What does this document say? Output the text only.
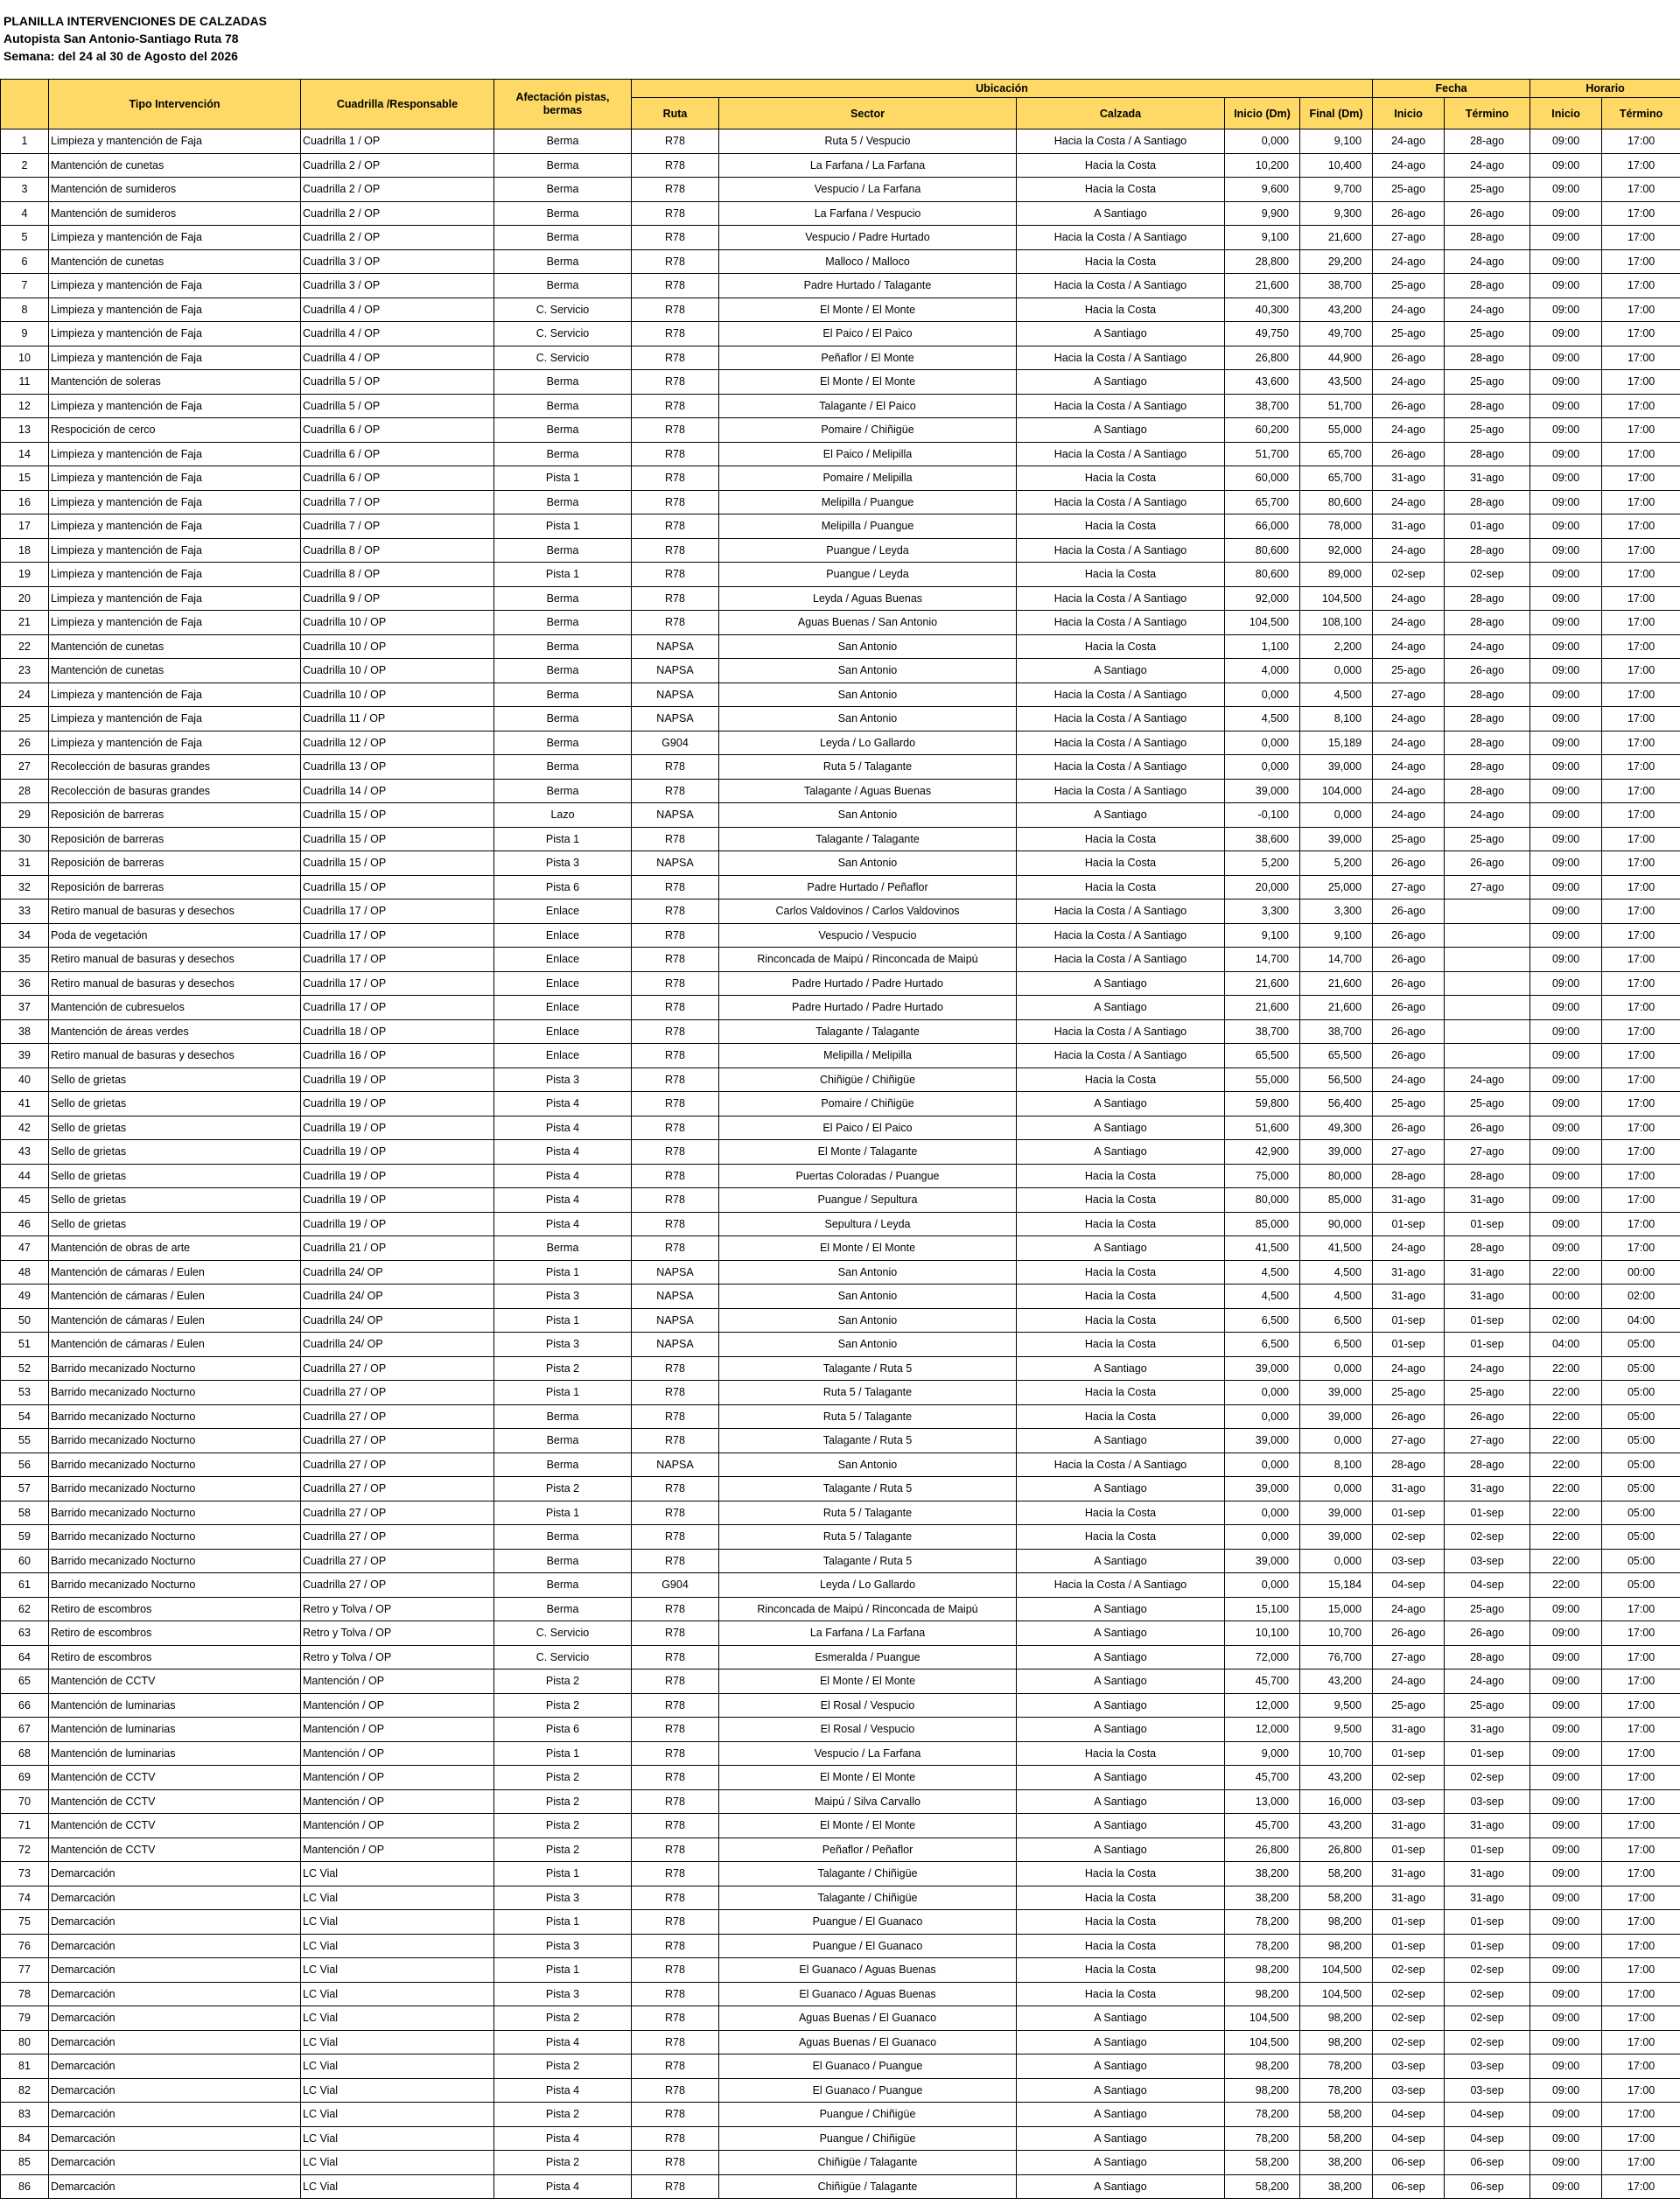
PLANILLA INTERVENCIONES DE CALZADAS
Autopista San Antonio-Santiago Ruta 78
Semana: del 24 al 30 de Agosto del 2026
	Tipo Intervención	Cuadrilla /Responsable	Afectación pistas, bermas	Ubicación					Fecha		Horario	
				Ruta	Sector	Calzada	Inicio (Dm)	Final (Dm)	Inicio	Término	Inicio	Término
1	Limpieza y mantención de Faja	Cuadrilla 1 / OP	Berma	R78	Ruta 5 / Vespucio	Hacia la Costa / A Santiago	0,000	9,100	24-ago	28-ago	09:00	17:00
2	Mantención de cunetas	Cuadrilla 2 / OP	Berma	R78	La Farfana / La Farfana	Hacia la Costa	10,200	10,400	24-ago	24-ago	09:00	17:00
3	Mantención de sumideros	Cuadrilla 2 / OP	Berma	R78	Vespucio / La Farfana	Hacia la Costa	9,600	9,700	25-ago	25-ago	09:00	17:00
4	Mantención de sumideros	Cuadrilla 2 / OP	Berma	R78	La Farfana / Vespucio	A Santiago	9,900	9,300	26-ago	26-ago	09:00	17:00
5	Limpieza y mantención de Faja	Cuadrilla 2 / OP	Berma	R78	Vespucio / Padre Hurtado	Hacia la Costa / A Santiago	9,100	21,600	27-ago	28-ago	09:00	17:00
6	Mantención de cunetas	Cuadrilla 3 / OP	Berma	R78	Malloco / Malloco	Hacia la Costa	28,800	29,200	24-ago	24-ago	09:00	17:00
7	Limpieza y mantención de Faja	Cuadrilla 3 / OP	Berma	R78	Padre Hurtado / Talagante	Hacia la Costa / A Santiago	21,600	38,700	25-ago	28-ago	09:00	17:00
8	Limpieza y mantención de Faja	Cuadrilla 4 / OP	C. Servicio	R78	El Monte / El Monte	Hacia la Costa	40,300	43,200	24-ago	24-ago	09:00	17:00
9	Limpieza y mantención de Faja	Cuadrilla 4 / OP	C. Servicio	R78	El Paico / El Paico	A Santiago	49,750	49,700	25-ago	25-ago	09:00	17:00
10	Limpieza y mantención de Faja	Cuadrilla 4 / OP	C. Servicio	R78	Peñaflor / El Monte	Hacia la Costa / A Santiago	26,800	44,900	26-ago	28-ago	09:00	17:00
11	Mantención de soleras	Cuadrilla 5 / OP	Berma	R78	El Monte / El Monte	A Santiago	43,600	43,500	24-ago	25-ago	09:00	17:00
12	Limpieza y mantención de Faja	Cuadrilla 5 / OP	Berma	R78	Talagante / El Paico	Hacia la Costa / A Santiago	38,700	51,700	26-ago	28-ago	09:00	17:00
13	Respocición de cerco	Cuadrilla 6 / OP	Berma	R78	Pomaire / Chiñigüe	A Santiago	60,200	55,000	24-ago	25-ago	09:00	17:00
14	Limpieza y mantención de Faja	Cuadrilla 6 / OP	Berma	R78	El Paico / Melipilla	Hacia la Costa / A Santiago	51,700	65,700	26-ago	28-ago	09:00	17:00
15	Limpieza y mantención de Faja	Cuadrilla 6 / OP	Pista 1	R78	Pomaire / Melipilla	Hacia la Costa	60,000	65,700	31-ago	31-ago	09:00	17:00
16	Limpieza y mantención de Faja	Cuadrilla 7 / OP	Berma	R78	Melipilla / Puangue	Hacia la Costa / A Santiago	65,700	80,600	24-ago	28-ago	09:00	17:00
17	Limpieza y mantención de Faja	Cuadrilla 7 / OP	Pista 1	R78	Melipilla / Puangue	Hacia la Costa	66,000	78,000	31-ago	01-ago	09:00	17:00
18	Limpieza y mantención de Faja	Cuadrilla 8 / OP	Berma	R78	Puangue / Leyda	Hacia la Costa / A Santiago	80,600	92,000	24-ago	28-ago	09:00	17:00
19	Limpieza y mantención de Faja	Cuadrilla 8 / OP	Pista 1	R78	Puangue / Leyda	Hacia la Costa	80,600	89,000	02-sep	02-sep	09:00	17:00
20	Limpieza y mantención de Faja	Cuadrilla 9 / OP	Berma	R78	Leyda / Aguas Buenas	Hacia la Costa / A Santiago	92,000	104,500	24-ago	28-ago	09:00	17:00
21	Limpieza y mantención de Faja	Cuadrilla 10 / OP	Berma	R78	Aguas Buenas / San Antonio	Hacia la Costa / A Santiago	104,500	108,100	24-ago	28-ago	09:00	17:00
22	Mantención de cunetas	Cuadrilla 10 / OP	Berma	NAPSA	San Antonio	Hacia la Costa	1,100	2,200	24-ago	24-ago	09:00	17:00
23	Mantención de cunetas	Cuadrilla 10 / OP	Berma	NAPSA	San Antonio	A Santiago	4,000	0,000	25-ago	26-ago	09:00	17:00
24	Limpieza y mantención de Faja	Cuadrilla 10 / OP	Berma	NAPSA	San Antonio	Hacia la Costa / A Santiago	0,000	4,500	27-ago	28-ago	09:00	17:00
25	Limpieza y mantención de Faja	Cuadrilla 11 / OP	Berma	NAPSA	San Antonio	Hacia la Costa / A Santiago	4,500	8,100	24-ago	28-ago	09:00	17:00
26	Limpieza y mantención de Faja	Cuadrilla 12 / OP	Berma	G904	Leyda / Lo Gallardo	Hacia la Costa / A Santiago	0,000	15,189	24-ago	28-ago	09:00	17:00
27	Recolección de basuras grandes	Cuadrilla 13 / OP	Berma	R78	Ruta 5 / Talagante	Hacia la Costa / A Santiago	0,000	39,000	24-ago	28-ago	09:00	17:00
28	Recolección de basuras grandes	Cuadrilla 14 / OP	Berma	R78	Talagante / Aguas Buenas	Hacia la Costa / A Santiago	39,000	104,000	24-ago	28-ago	09:00	17:00
29	Reposición de barreras	Cuadrilla 15 / OP	Lazo	NAPSA	San Antonio	A Santiago	-0,100	0,000	24-ago	24-ago	09:00	17:00
30	Reposición de barreras	Cuadrilla 15 / OP	Pista 1	R78	Talagante / Talagante	Hacia la Costa	38,600	39,000	25-ago	25-ago	09:00	17:00
31	Reposición de barreras	Cuadrilla 15 / OP	Pista 3	NAPSA	San Antonio	Hacia la Costa	5,200	5,200	26-ago	26-ago	09:00	17:00
32	Reposición de barreras	Cuadrilla 15 / OP	Pista 6	R78	Padre Hurtado / Peñaflor	Hacia la Costa	20,000	25,000	27-ago	27-ago	09:00	17:00
33	Retiro manual de basuras y desechos	Cuadrilla 17 / OP	Enlace	R78	Carlos Valdovinos / Carlos Valdovinos	Hacia la Costa / A Santiago	3,300	3,300	26-ago		09:00	17:00
34	Poda de vegetación	Cuadrilla 17 / OP	Enlace	R78	Vespucio / Vespucio	Hacia la Costa / A Santiago	9,100	9,100	26-ago		09:00	17:00
35	Retiro manual de basuras y desechos	Cuadrilla 17 / OP	Enlace	R78	Rinconcada de Maipú / Rinconcada de Maipú	Hacia la Costa / A Santiago	14,700	14,700	26-ago		09:00	17:00
36	Retiro manual de basuras y desechos	Cuadrilla 17 / OP	Enlace	R78	Padre Hurtado / Padre Hurtado	A Santiago	21,600	21,600	26-ago		09:00	17:00
37	Mantención de cubresuelos	Cuadrilla 17 / OP	Enlace	R78	Padre Hurtado / Padre Hurtado	A Santiago	21,600	21,600	26-ago		09:00	17:00
38	Mantención de áreas verdes	Cuadrilla 18 / OP	Enlace	R78	Talagante / Talagante	Hacia la Costa / A Santiago	38,700	38,700	26-ago		09:00	17:00
39	Retiro manual de basuras y desechos	Cuadrilla 16 / OP	Enlace	R78	Melipilla / Melipilla	Hacia la Costa / A Santiago	65,500	65,500	26-ago		09:00	17:00
40	Sello de grietas	Cuadrilla 19 / OP	Pista 3	R78	Chiñigüe / Chiñigüe	Hacia la Costa	55,000	56,500	24-ago	24-ago	09:00	17:00
41	Sello de grietas	Cuadrilla 19 / OP	Pista 4	R78	Pomaire / Chiñigüe	A Santiago	59,800	56,400	25-ago	25-ago	09:00	17:00
42	Sello de grietas	Cuadrilla 19 / OP	Pista 4	R78	El Paico / El Paico	A Santiago	51,600	49,300	26-ago	26-ago	09:00	17:00
43	Sello de grietas	Cuadrilla 19 / OP	Pista 4	R78	El Monte / Talagante	A Santiago	42,900	39,000	27-ago	27-ago	09:00	17:00
44	Sello de grietas	Cuadrilla 19 / OP	Pista 4	R78	Puertas Coloradas / Puangue	Hacia la Costa	75,000	80,000	28-ago	28-ago	09:00	17:00
45	Sello de grietas	Cuadrilla 19 / OP	Pista 4	R78	Puangue / Sepultura	Hacia la Costa	80,000	85,000	31-ago	31-ago	09:00	17:00
46	Sello de grietas	Cuadrilla 19 / OP	Pista 4	R78	Sepultura / Leyda	Hacia la Costa	85,000	90,000	01-sep	01-sep	09:00	17:00
47	Mantención de obras de arte	Cuadrilla 21 / OP	Berma	R78	El Monte / El Monte	A Santiago	41,500	41,500	24-ago	28-ago	09:00	17:00
48	Mantención de cámaras / Eulen	Cuadrilla 24/ OP	Pista 1	NAPSA	San Antonio	Hacia la Costa	4,500	4,500	31-ago	31-ago	22:00	00:00
49	Mantención de cámaras / Eulen	Cuadrilla 24/ OP	Pista 3	NAPSA	San Antonio	Hacia la Costa	4,500	4,500	31-ago	31-ago	00:00	02:00
50	Mantención de cámaras / Eulen	Cuadrilla 24/ OP	Pista 1	NAPSA	San Antonio	Hacia la Costa	6,500	6,500	01-sep	01-sep	02:00	04:00
51	Mantención de cámaras / Eulen	Cuadrilla 24/ OP	Pista 3	NAPSA	San Antonio	Hacia la Costa	6,500	6,500	01-sep	01-sep	04:00	05:00
52	Barrido mecanizado Nocturno	Cuadrilla 27 / OP	Pista 2	R78	Talagante / Ruta 5	A Santiago	39,000	0,000	24-ago	24-ago	22:00	05:00
53	Barrido mecanizado Nocturno	Cuadrilla 27 / OP	Pista 1	R78	Ruta 5 / Talagante	Hacia la Costa	0,000	39,000	25-ago	25-ago	22:00	05:00
54	Barrido mecanizado Nocturno	Cuadrilla 27 / OP	Berma	R78	Ruta 5 / Talagante	Hacia la Costa	0,000	39,000	26-ago	26-ago	22:00	05:00
55	Barrido mecanizado Nocturno	Cuadrilla 27 / OP	Berma	R78	Talagante / Ruta 5	A Santiago	39,000	0,000	27-ago	27-ago	22:00	05:00
56	Barrido mecanizado Nocturno	Cuadrilla 27 / OP	Berma	NAPSA	San Antonio	Hacia la Costa / A Santiago	0,000	8,100	28-ago	28-ago	22:00	05:00
57	Barrido mecanizado Nocturno	Cuadrilla 27 / OP	Pista 2	R78	Talagante / Ruta 5	A Santiago	39,000	0,000	31-ago	31-ago	22:00	05:00
58	Barrido mecanizado Nocturno	Cuadrilla 27 / OP	Pista 1	R78	Ruta 5 / Talagante	Hacia la Costa	0,000	39,000	01-sep	01-sep	22:00	05:00
59	Barrido mecanizado Nocturno	Cuadrilla 27 / OP	Berma	R78	Ruta 5 / Talagante	Hacia la Costa	0,000	39,000	02-sep	02-sep	22:00	05:00
60	Barrido mecanizado Nocturno	Cuadrilla 27 / OP	Berma	R78	Talagante / Ruta 5	A Santiago	39,000	0,000	03-sep	03-sep	22:00	05:00
61	Barrido mecanizado Nocturno	Cuadrilla 27 / OP	Berma	G904	Leyda / Lo Gallardo	Hacia la Costa / A Santiago	0,000	15,184	04-sep	04-sep	22:00	05:00
62	Retiro de escombros	Retro y Tolva / OP	Berma	R78	Rinconcada de Maipú / Rinconcada de Maipú	A Santiago	15,100	15,000	24-ago	25-ago	09:00	17:00
63	Retiro de escombros	Retro y Tolva / OP	C. Servicio	R78	La Farfana / La Farfana	A Santiago	10,100	10,700	26-ago	26-ago	09:00	17:00
64	Retiro de escombros	Retro y Tolva / OP	C. Servicio	R78	Esmeralda / Puangue	A Santiago	72,000	76,700	27-ago	28-ago	09:00	17:00
65	Mantención de CCTV	Mantención / OP	Pista 2	R78	El Monte / El Monte	A Santiago	45,700	43,200	24-ago	24-ago	09:00	17:00
66	Mantención de luminarias	Mantención / OP	Pista 2	R78	El Rosal / Vespucio	A Santiago	12,000	9,500	25-ago	25-ago	09:00	17:00
67	Mantención de luminarias	Mantención / OP	Pista 6	R78	El Rosal / Vespucio	A Santiago	12,000	9,500	31-ago	31-ago	09:00	17:00
68	Mantención de luminarias	Mantención / OP	Pista 1	R78	Vespucio / La Farfana	Hacia la Costa	9,000	10,700	01-sep	01-sep	09:00	17:00
69	Mantención de CCTV	Mantención / OP	Pista 2	R78	El Monte / El Monte	A Santiago	45,700	43,200	02-sep	02-sep	09:00	17:00
70	Mantención de CCTV	Mantención / OP	Pista 2	R78	Maipú / Silva Carvallo	A Santiago	13,000	16,000	03-sep	03-sep	09:00	17:00
71	Mantención de CCTV	Mantención / OP	Pista 2	R78	El Monte / El Monte	A Santiago	45,700	43,200	31-ago	31-ago	09:00	17:00
72	Mantención de CCTV	Mantención / OP	Pista 2	R78	Peñaflor / Peñaflor	A Santiago	26,800	26,800	01-sep	01-sep	09:00	17:00
73	Demarcación	LC Vial	Pista 1	R78	Talagante / Chiñigüe	Hacia la Costa	38,200	58,200	31-ago	31-ago	09:00	17:00
74	Demarcación	LC Vial	Pista 3	R78	Talagante / Chiñigüe	Hacia la Costa	38,200	58,200	31-ago	31-ago	09:00	17:00
75	Demarcación	LC Vial	Pista 1	R78	Puangue / El Guanaco	Hacia la Costa	78,200	98,200	01-sep	01-sep	09:00	17:00
76	Demarcación	LC Vial	Pista 3	R78	Puangue / El Guanaco	Hacia la Costa	78,200	98,200	01-sep	01-sep	09:00	17:00
77	Demarcación	LC Vial	Pista 1	R78	El Guanaco / Aguas Buenas	Hacia la Costa	98,200	104,500	02-sep	02-sep	09:00	17:00
78	Demarcación	LC Vial	Pista 3	R78	El Guanaco / Aguas Buenas	Hacia la Costa	98,200	104,500	02-sep	02-sep	09:00	17:00
79	Demarcación	LC Vial	Pista 2	R78	Aguas Buenas / El Guanaco	A Santiago	104,500	98,200	02-sep	02-sep	09:00	17:00
80	Demarcación	LC Vial	Pista 4	R78	Aguas Buenas / El Guanaco	A Santiago	104,500	98,200	02-sep	02-sep	09:00	17:00
81	Demarcación	LC Vial	Pista 2	R78	El Guanaco / Puangue	A Santiago	98,200	78,200	03-sep	03-sep	09:00	17:00
82	Demarcación	LC Vial	Pista 4	R78	El Guanaco / Puangue	A Santiago	98,200	78,200	03-sep	03-sep	09:00	17:00
83	Demarcación	LC Vial	Pista 2	R78	Puangue / Chiñigüe	A Santiago	78,200	58,200	04-sep	04-sep	09:00	17:00
84	Demarcación	LC Vial	Pista 4	R78	Puangue / Chiñigüe	A Santiago	78,200	58,200	04-sep	04-sep	09:00	17:00
85	Demarcación	LC Vial	Pista 2	R78	Chiñigüe / Talagante	A Santiago	58,200	38,200	06-sep	06-sep	09:00	17:00
86	Demarcación	LC Vial	Pista 4	R78	Chiñigüe / Talagante	A Santiago	58,200	38,200	06-sep	06-sep	09:00	17:00
